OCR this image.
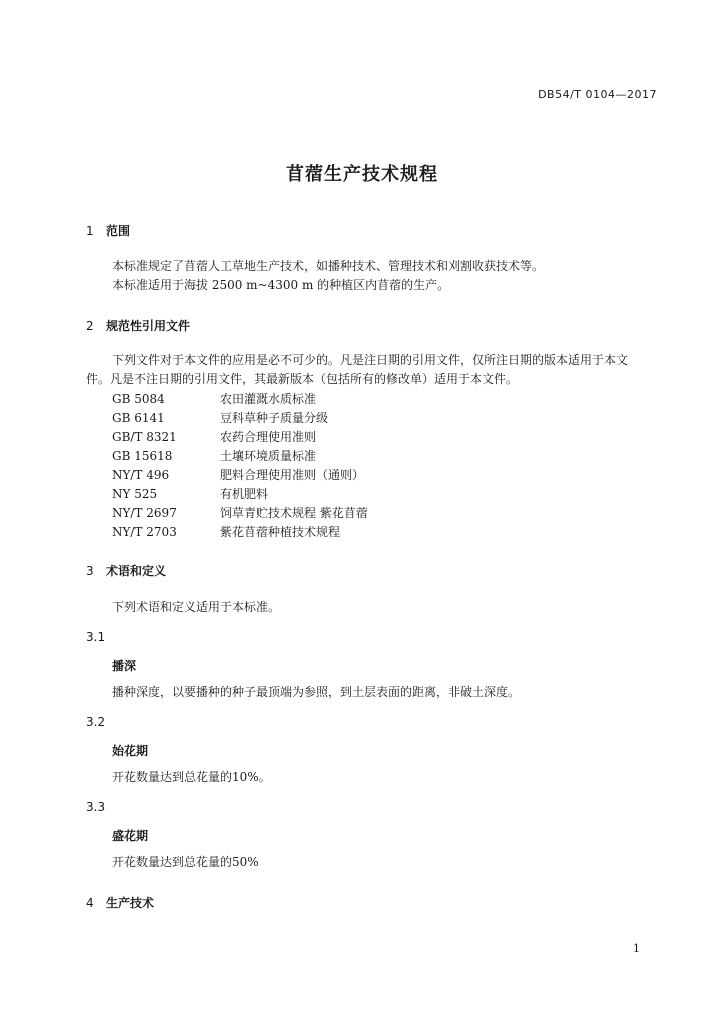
DB54/T 0104—2017
苜蓿生产技术规程
1 范围
本标准规定了苜蓿人工草地生产技术，如播种技术、管理技术和刈割收获技术等。
本标准适用于海拔 2500 m~4300 m 的种植区内苜蓿的生产。
2 规范性引用文件
下列文件对于本文件的应用是必不可少的。凡是注日期的引用文件，仅所注日期的版本适用于本文
件。凡是不注日期的引用文件，其最新版本（包括所有的修改单）适用于本文件。
GB 5084	农田灌溉水质标准
GB 6141	豆科草种子质量分级
GB/T 8321	农药合理使用准则
GB 15618	土壤环境质量标准
NY/T 496	肥料合理使用准则（通则）
NY 525	有机肥料
NY/T 2697	饲草青贮技术规程 紫花苜蓿
NY/T 2703	紫花苜蓿种植技术规程
3 术语和定义
下列术语和定义适用于本标准。
3.1
播深
播种深度，以要播种的种子最顶端为参照，到土层表面的距离，非破土深度。
3.2
始花期
开花数量达到总花量的10%。
3.3
盛花期
开花数量达到总花量的50%
4 生产技术
1
